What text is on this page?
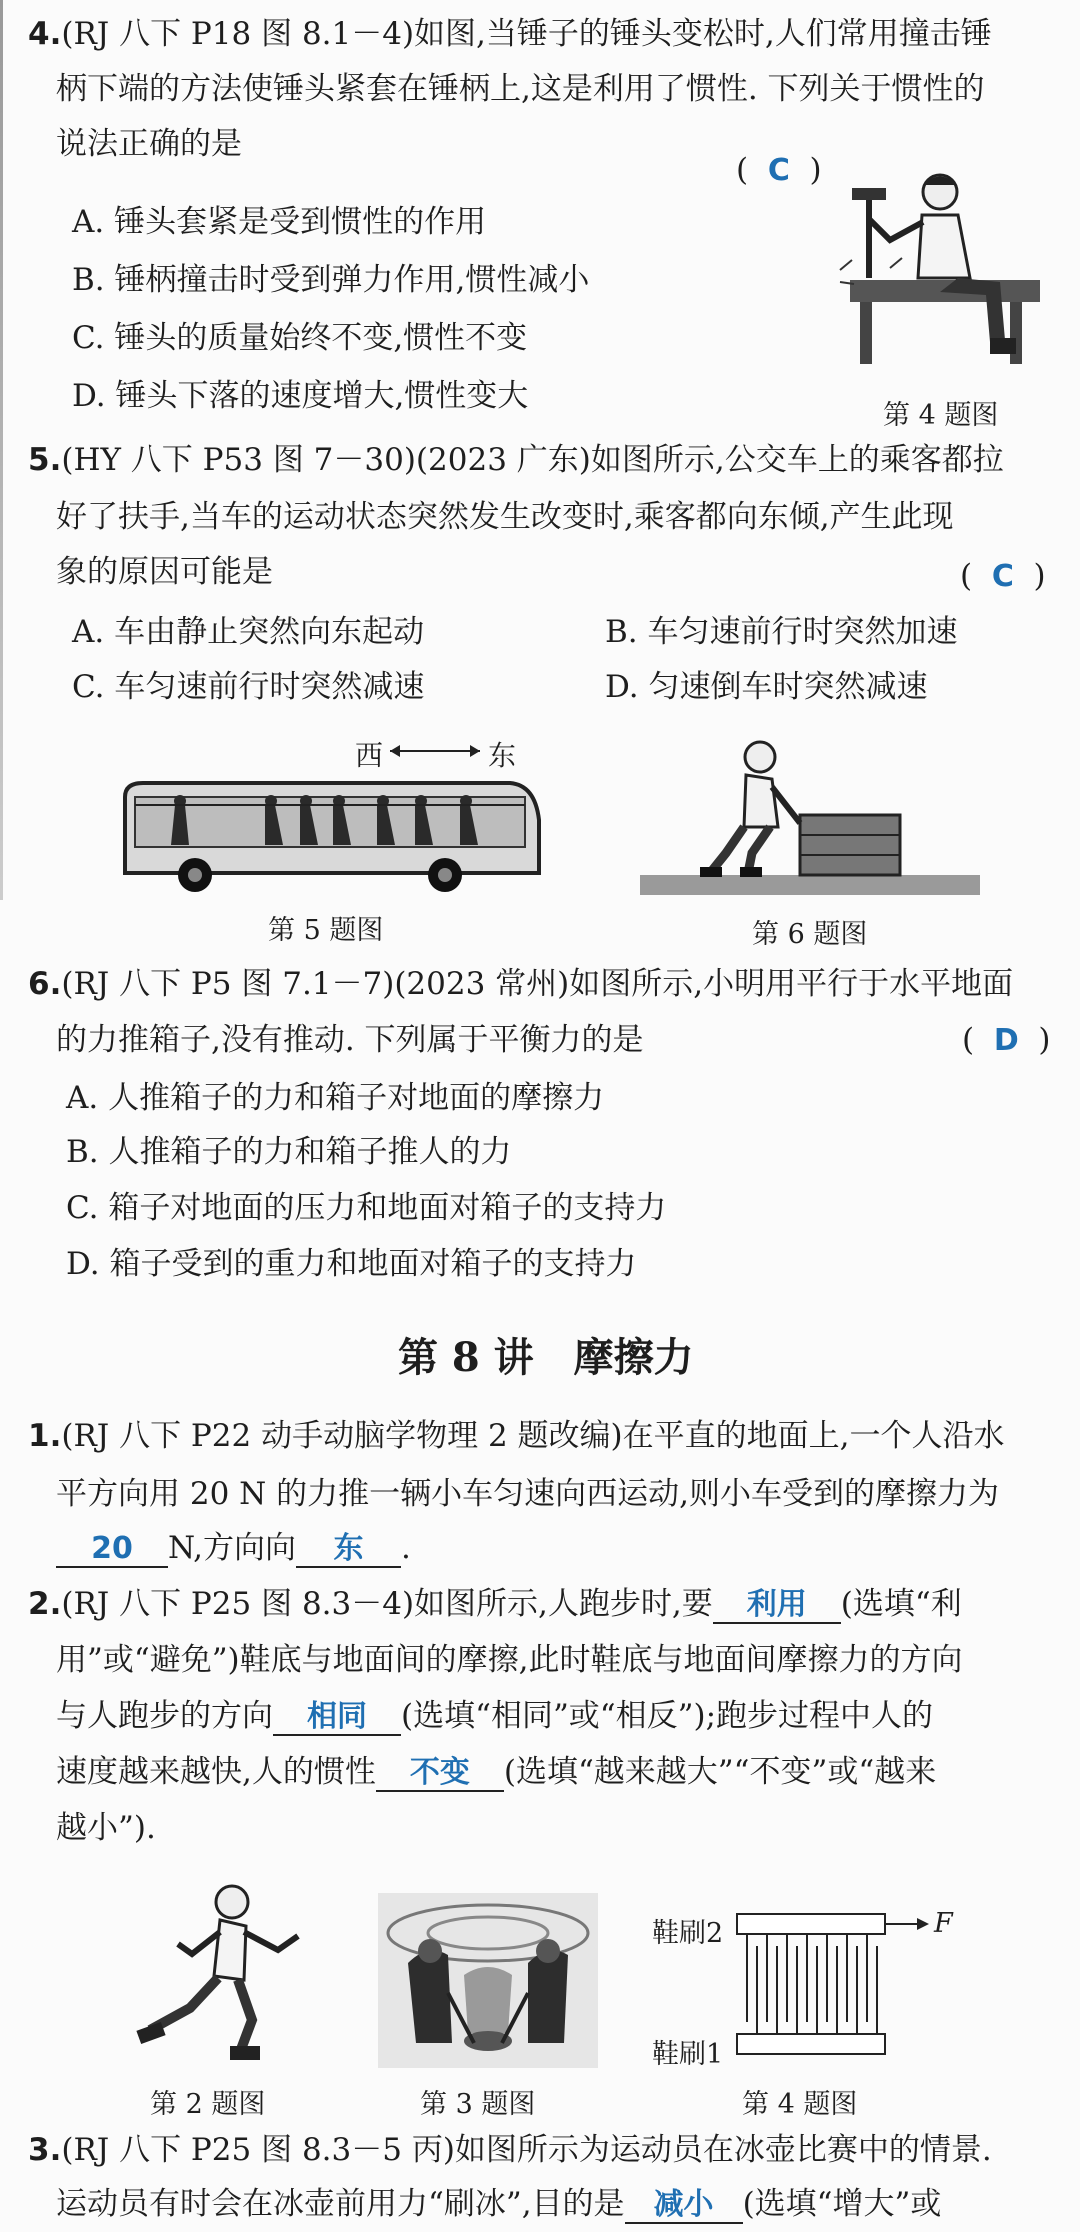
4.(RJ 八下 P18 图 8.1－4)如图,当锤子的锤头变松时,人们常用撞击锤
柄下端的方法使锤头紧套在锤柄上,这是利用了惯性. 下列关于惯性的
说法正确的是
(  C  )
A. 锤头套紧是受到惯性的作用
B. 锤柄撞击时受到弹力作用,惯性减小
C. 锤头的质量始终不变,惯性不变
D. 锤头下落的速度增大,惯性变大
第 4 题图
5.(HY 八下 P53 图 7－30)(2023 广东)如图所示,公交车上的乘客都拉
好了扶手,当车的运动状态突然发生改变时,乘客都向东倾,产生此现
象的原因可能是	(  C  )
A. 车由静止突然向东起动	B. 车匀速前行时突然加速
C. 车匀速前行时突然减速	D. 匀速倒车时突然减速
西	东
第 5 题图	第 6 题图
6.(RJ 八下 P5 图 7.1－7)(2023 常州)如图所示,小明用平行于水平地面
的力推箱子,没有推动. 下列属于平衡力的是	(  D  )
A. 人推箱子的力和箱子对地面的摩擦力
B. 人推箱子的力和箱子推人的力
C. 箱子对地面的压力和地面对箱子的支持力
D. 箱子受到的重力和地面对箱子的支持力
第 8 讲　摩擦力
1.(RJ 八下 P22 动手动脑学物理 2 题改编)在平直的地面上,一个人沿水
平方向用 20 N 的力推一辆小车匀速向西运动,则小车受到的摩擦力为
20 N,方向向 东 .
2.(RJ 八下 P25 图 8.3－4)如图所示,人跑步时,要 利用 (选填“利
用”或“避免”)鞋底与地面间的摩擦,此时鞋底与地面间摩擦力的方向
与人跑步的方向 相同 (选填“相同”或“相反”);跑步过程中人的
速度越来越快,人的惯性 不变 (选填“越来越大”“不变”或“越来
越小”).
第 2 题图	第 3 题图
鞋刷2
鞋刷1
F
第 4 题图
3.(RJ 八下 P25 图 8.3－5 丙)如图所示为运动员在冰壶比赛中的情景.
运动员有时会在冰壶前用力“刷冰”,目的是 减小 (选填“增大”或
